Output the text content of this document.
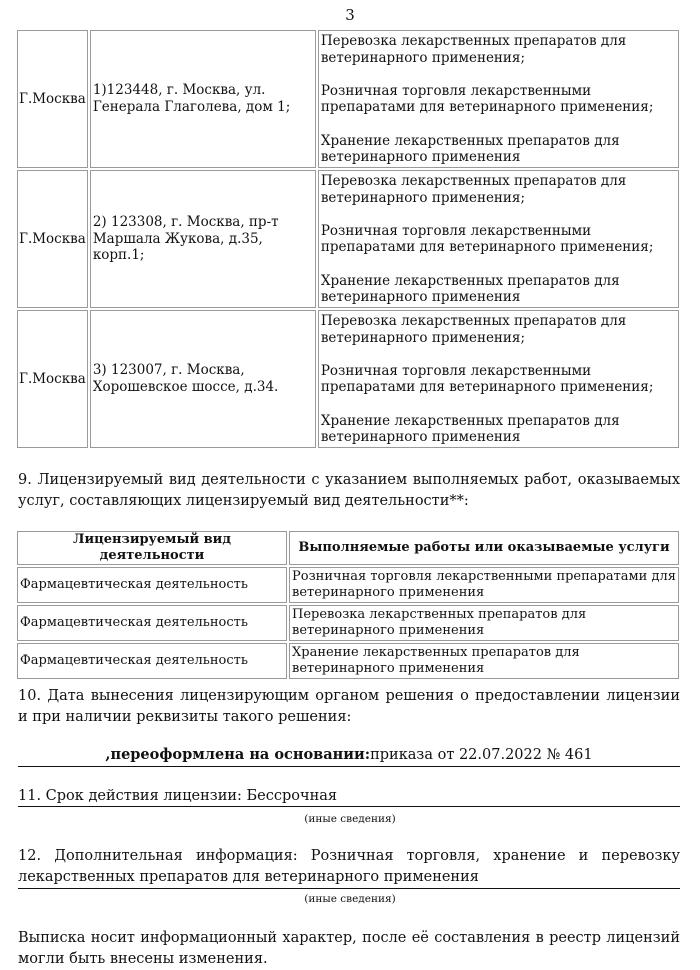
3
Г.Москва	1)123448, г. Москва, ул. Генерала Глаголева, дом 1;	Перевозка лекарственных препаратов для ветеринарного применения;
Розничная торговля лекарственными препаратами для ветеринарного применения;
Хранение лекарственных препаратов для ветеринарного применения

Г.Москва	2) 123308, г. Москва, пр-т Маршала Жукова, д.35, корп.1;	Перевозка лекарственных препаратов для ветеринарного применения;
Розничная торговля лекарственными препаратами для ветеринарного применения;
Хранение лекарственных препаратов для ветеринарного применения

Г.Москва	3) 123007, г. Москва, Хорошевское шоссе, д.34.	Перевозка лекарственных препаратов для ветеринарного применения;
Розничная торговля лекарственными препаратами для ветеринарного применения;
Хранение лекарственных препаратов для ветеринарного применения
9. Лицензируемый вид деятельности с указанием выполняемых работ, оказываемых услуг, составляющих лицензируемый вид деятельности**:
Лицензируемый вид деятельности	Выполняемые работы или оказываемые услуги
Фармацевтическая деятельность	Розничная торговля лекарственными препаратами для ветеринарного применения
Фармацевтическая деятельность	Перевозка лекарственных препаратов для ветеринарного применения
Фармацевтическая деятельность	Хранение лекарственных препаратов для ветеринарного применения
10. Дата вынесения лицензирующим органом решения о предоставлении лицензии и при наличии реквизиты такого решения:
,переоформлена на основании:приказа от 22.07.2022 № 461
11. Срок действия лицензии: Бессрочная
(иные сведения)
12. Дополнительная информация: Розничная торговля, хранение и перевозку лекарственных препаратов для ветеринарного применения
(иные сведения)
Выписка носит информационный характер, после её составления в реестр лицензий могли быть внесены изменения.
